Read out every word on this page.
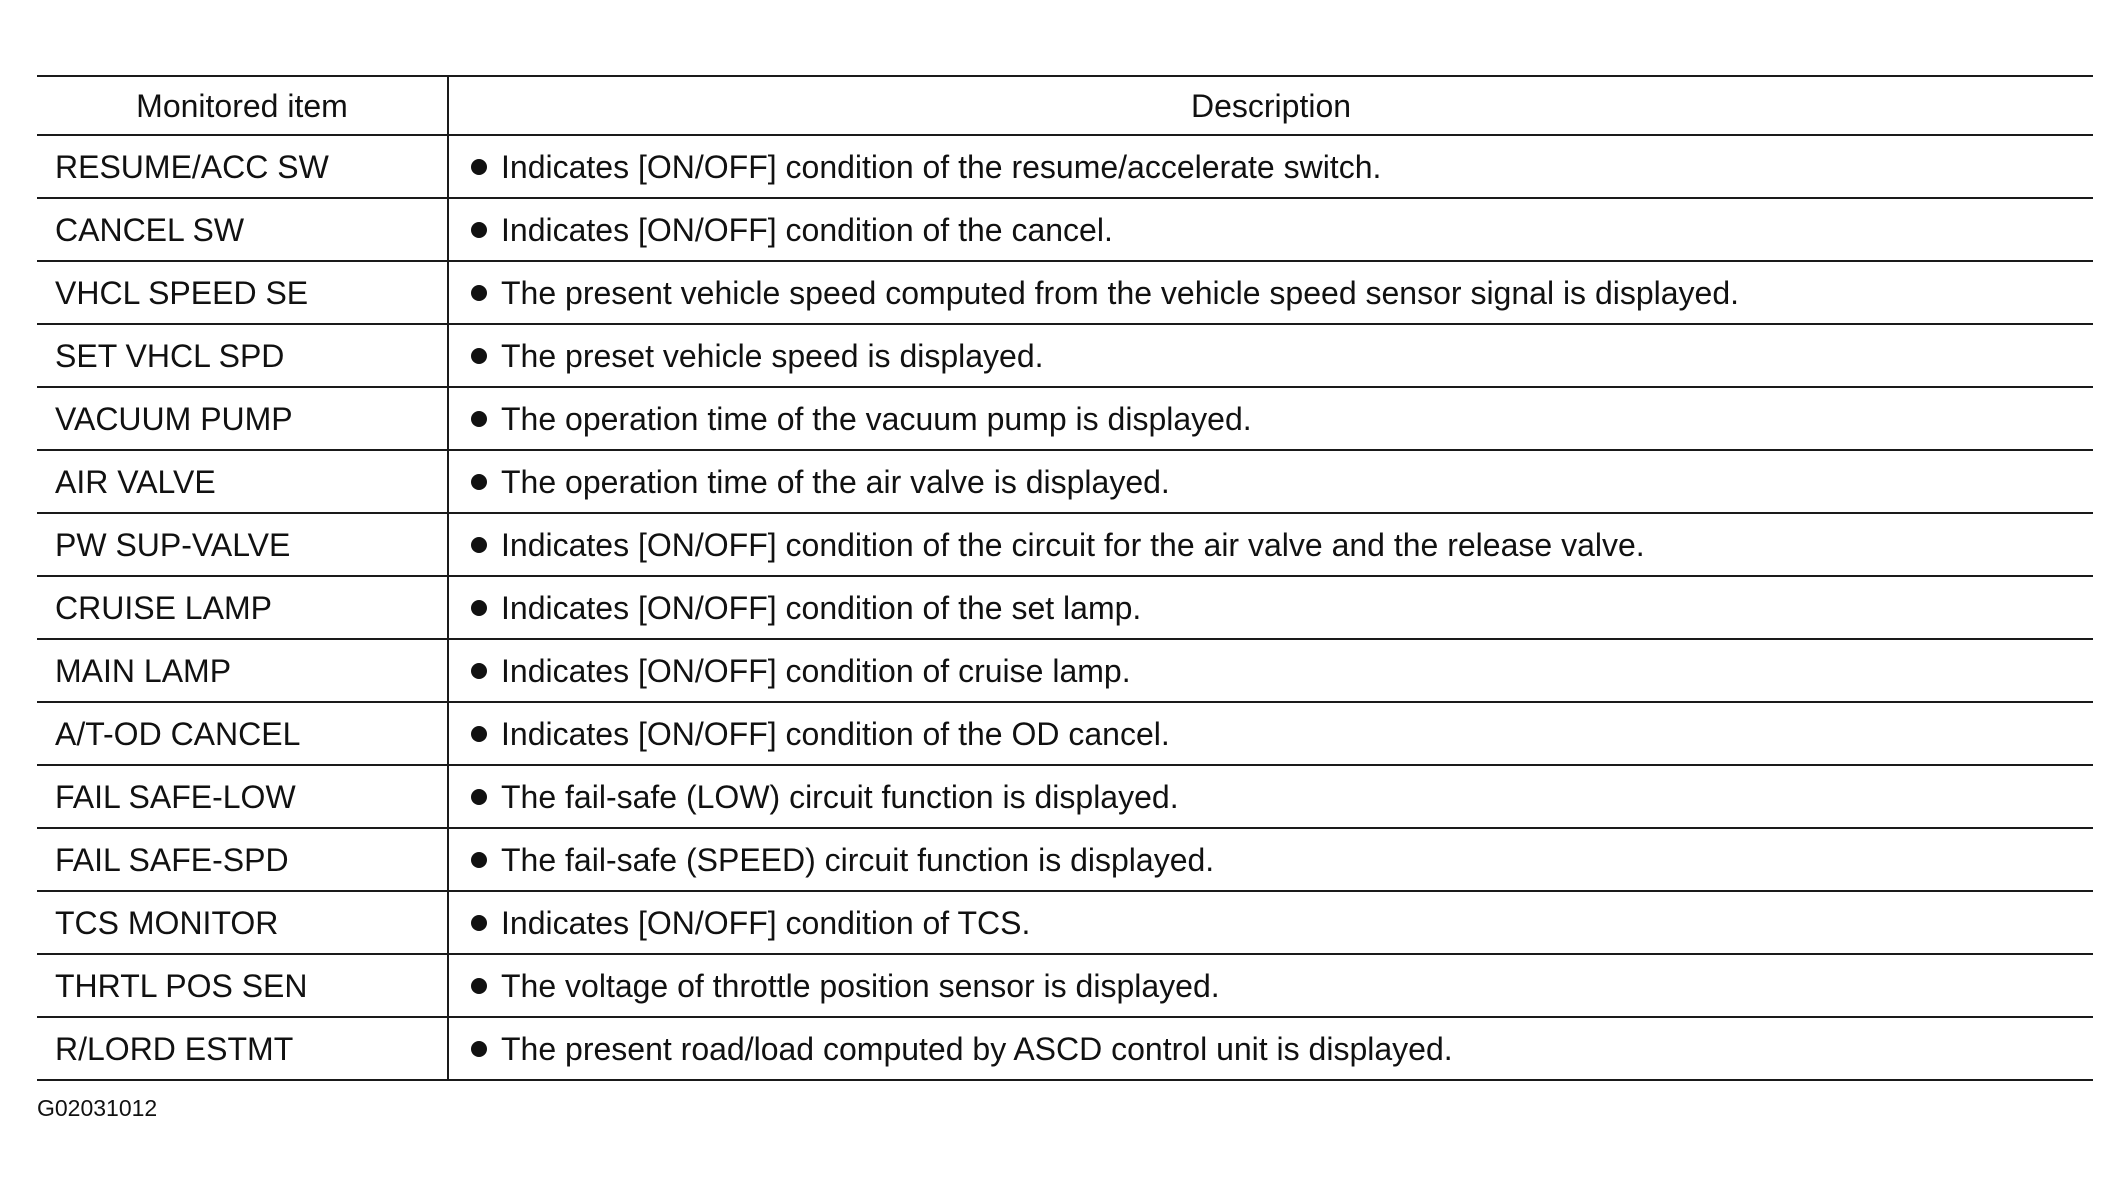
Monitored item	Description
RESUME/ACC SW	Indicates [ON/OFF] condition of the resume/accelerate switch.
CANCEL SW	Indicates [ON/OFF] condition of the cancel.
VHCL SPEED SE	The present vehicle speed computed from the vehicle speed sensor signal is displayed.
SET VHCL SPD	The preset vehicle speed is displayed.
VACUUM PUMP	The operation time of the vacuum pump is displayed.
AIR VALVE	The operation time of the air valve is displayed.
PW SUP-VALVE	Indicates [ON/OFF] condition of the circuit for the air valve and the release valve.
CRUISE LAMP	Indicates [ON/OFF] condition of the set lamp.
MAIN LAMP	Indicates [ON/OFF] condition of cruise lamp.
A/T-OD CANCEL	Indicates [ON/OFF] condition of the OD cancel.
FAIL SAFE-LOW	The fail-safe (LOW) circuit function is displayed.
FAIL SAFE-SPD	The fail-safe (SPEED) circuit function is displayed.
TCS MONITOR	Indicates [ON/OFF] condition of TCS.
THRTL POS SEN	The voltage of throttle position sensor is displayed.
R/LORD ESTMT	The present road/load computed by ASCD control unit is displayed.
G02031012
